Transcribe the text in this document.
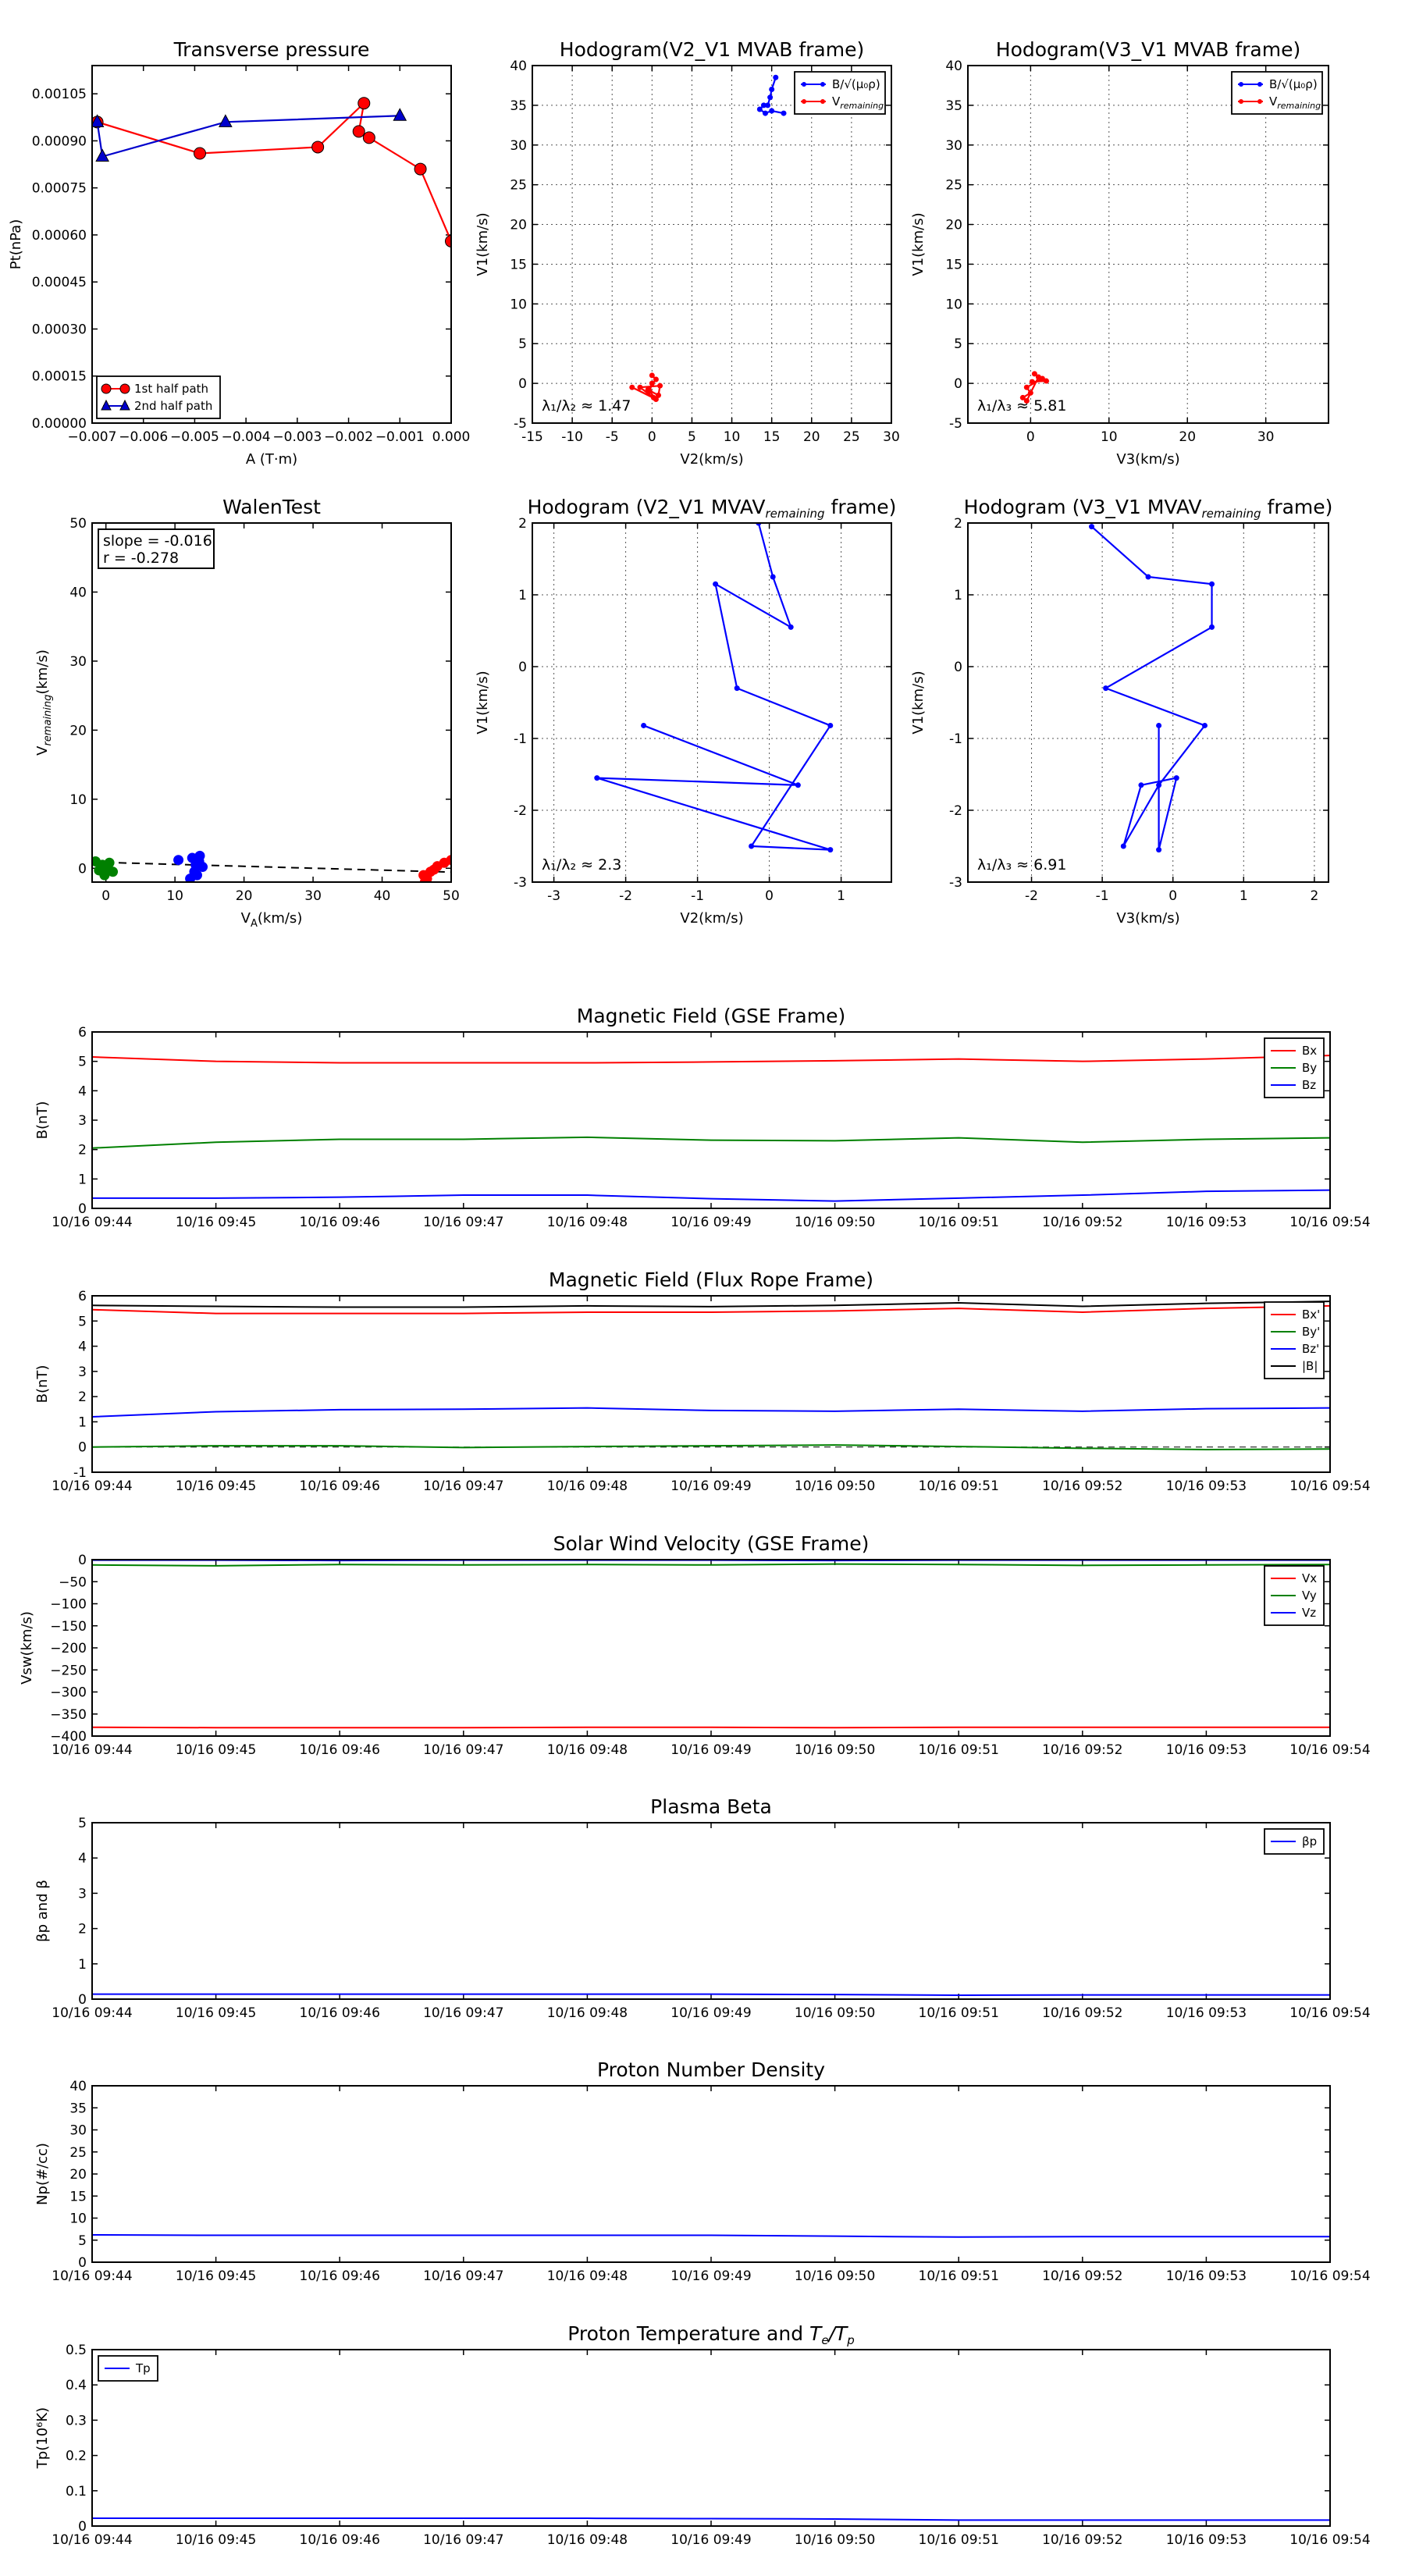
−0.007 −0.006 −0.005 −0.004 −0.003 −0.002 −0.001 0.000
0.00000
0.00015
0.00030
0.00045
0.00060
0.00075
0.00090
0.00105
Transverse pressure
A (T·m)
Pt(nPa)
1st half path
2nd half path
-15 -10 -5 0 5 10 15 20 25 30
-5
0
5
10
15
20
25
30
35
40
Hodogram(V2_V1 MVAB frame)
V2(km/s)
V1(km/s)
λ₁/λ₂ ≈ 1.47
B/√(μ₀ρ)
$V_{remaining}$
0	10	20	30
-5
0
5
10
15
20
25
30
35
40
Hodogram(V3_V1 MVAB frame)
V3(km/s)
V1(km/s)
λ₁/λ₃ ≈ 5.81
B/√(μ₀ρ)
$V_{remaining}$
0	10	20	30	40	50
0
10
20
30
40
50
WalenTest
$V_A(km/s)$
$V_{remaining}(km/s)$
slope = -0.016
r = -0.278
-3	-2	-1	0	1
-3
-2
-1
0
1
2
Hodogram (V2_V1 $MVAV_{remaining}$ frame)
V2(km/s)
V1(km/s)
λ₁/λ₂ ≈ 2.3
-2	-1	0	1	2
-3
-2
-1
0
1
2
Hodogram (V3_V1 $MVAV_{remaining}$ frame)
V3(km/s)
V1(km/s)
λ₁/λ₃ ≈ 6.91
10/16 09:44	10/16 09:45	10/16 09:46	10/16 09:47	10/16 09:48	10/16 09:49	10/16 09:50	10/16 09:51	10/16 09:52	10/16 09:53	10/16 09:54
0
1
2
3
4
5
6
Magnetic Field (GSE Frame)
B(nT)
Bx
By
Bz
10/16 09:44	10/16 09:45	10/16 09:46	10/16 09:47	10/16 09:48	10/16 09:49	10/16 09:50	10/16 09:51	10/16 09:52	10/16 09:53	10/16 09:54
-1
0
1
2
3
4
5
6
Magnetic Field (Flux Rope Frame)
B(nT)
Bx'
By'
Bz'
|B|
10/16 09:44	10/16 09:45	10/16 09:46	10/16 09:47	10/16 09:48	10/16 09:49	10/16 09:50	10/16 09:51	10/16 09:52	10/16 09:53	10/16 09:54
−400
−350
−300
−250
−200
−150
−100
−50
0
Solar Wind Velocity (GSE Frame)
Vsw(km/s)
Vx
Vy
Vz
10/16 09:44	10/16 09:45	10/16 09:46	10/16 09:47	10/16 09:48	10/16 09:49	10/16 09:50	10/16 09:51	10/16 09:52	10/16 09:53	10/16 09:54
0
1
2
3
4
5
Plasma Beta
βp and β
βp
10/16 09:44	10/16 09:45	10/16 09:46	10/16 09:47	10/16 09:48	10/16 09:49	10/16 09:50	10/16 09:51	10/16 09:52	10/16 09:53	10/16 09:54
0
5
10
15
20
25
30
35
40
Proton Number Density
Np(#/cc)
10/16 09:44	10/16 09:45	10/16 09:46	10/16 09:47	10/16 09:48	10/16 09:49	10/16 09:50	10/16 09:51	10/16 09:52	10/16 09:53	10/16 09:54
0
0.1
0.2
0.3
0.4
0.5
Proton Temperature and $T_e/T_p$
Tp(10⁶K)
Tp
